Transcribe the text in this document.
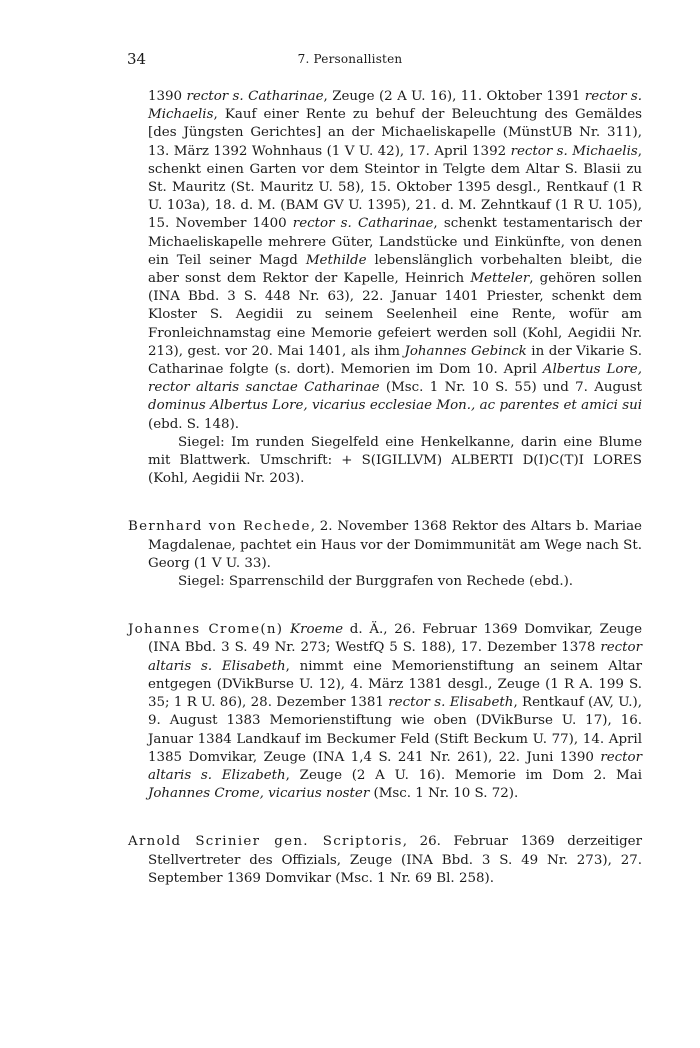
34	7. Personallisten

1390 rector s. Catharinae, Zeuge (2 A U. 16), 11. Oktober 1391 rector s. Michaelis, Kauf einer Rente zu behuf der Beleuchtung des Gemäldes [des Jüngsten Gerichtes] an der Michaeliskapelle (MünstUB Nr. 311), 13. März 1392 Wohnhaus (1 V U. 42), 17. April 1392 rector s. Michaelis, schenkt einen Garten vor dem Steintor in Telgte dem Altar S. Blasii zu St. Mauritz (St. Mauritz U. 58), 15. Oktober 1395 desgl., Rentkauf (1 R U. 103a), 18. d. M. (BAM GV U. 1395), 21. d. M. Zehntkauf (1 R U. 105), 15. November 1400 rector s. Catharinae, schenkt testamentarisch der Michaeliskapelle mehrere Güter, Landstücke und Einkünfte, von denen ein Teil seiner Magd Methilde lebenslänglich vorbehalten bleibt, die aber sonst dem Rektor der Kapelle, Heinrich Metteler, gehören sollen (INA Bbd. 3 S. 448 Nr. 63), 22. Januar 1401 Priester, schenkt dem Kloster S. Aegidii zu seinem Seelenheil eine Rente, wofür am Fronleichnamstag eine Memorie gefeiert werden soll (Kohl, Aegidii Nr. 213), gest. vor 20. Mai 1401, als ihm Johannes Gebinck in der Vikarie S. Catharinae folgte (s. dort). Memorien im Dom 10. April Albertus Lore, rector altaris sanctae Catharinae (Msc. 1 Nr. 10 S. 55) und 7. August dominus Albertus Lore, vicarius ecclesiae Mon., ac parentes et amici sui (ebd. S. 148).

Siegel: Im runden Siegelfeld eine Henkelkanne, darin eine Blume mit Blattwerk. Umschrift: + S(IGILLVM) ALBERTI D(I)C(T)I LORES (Kohl, Aegidii Nr. 203).

Bernhard von Rechede, 2. November 1368 Rektor des Altars b. Mariae Magdalenae, pachtet ein Haus vor der Domimmunität am Wege nach St. Georg (1 V U. 33).

Siegel: Sparrenschild der Burggrafen von Rechede (ebd.).

Johannes Crome(n) Kroeme d. Ä., 26. Februar 1369 Domvikar, Zeuge (INA Bbd. 3 S. 49 Nr. 273; WestfQ 5 S. 188), 17. Dezember 1378 rector altaris s. Elisabeth, nimmt eine Memorienstiftung an seinem Altar entgegen (DVikBurse U. 12), 4. März 1381 desgl., Zeuge (1 R A. 199 S. 35; 1 R U. 86), 28. Dezember 1381 rector s. Elisabeth, Rentkauf (AV, U.), 9. August 1383 Memorienstiftung wie oben (DVikBurse U. 17), 16. Januar 1384 Landkauf im Beckumer Feld (Stift Beckum U. 77), 14. April 1385 Domvikar, Zeuge (INA 1,4 S. 241 Nr. 261), 22. Juni 1390 rector altaris s. Elizabeth, Zeuge (2 A U. 16). Memorie im Dom 2. Mai Johannes Crome, vicarius noster (Msc. 1 Nr. 10 S. 72).

Arnold Scrinier gen. Scriptoris, 26. Februar 1369 derzeitiger Stellvertreter des Offizials, Zeuge (INA Bbd. 3 S. 49 Nr. 273), 27. September 1369 Domvikar (Msc. 1 Nr. 69 Bl. 258).
